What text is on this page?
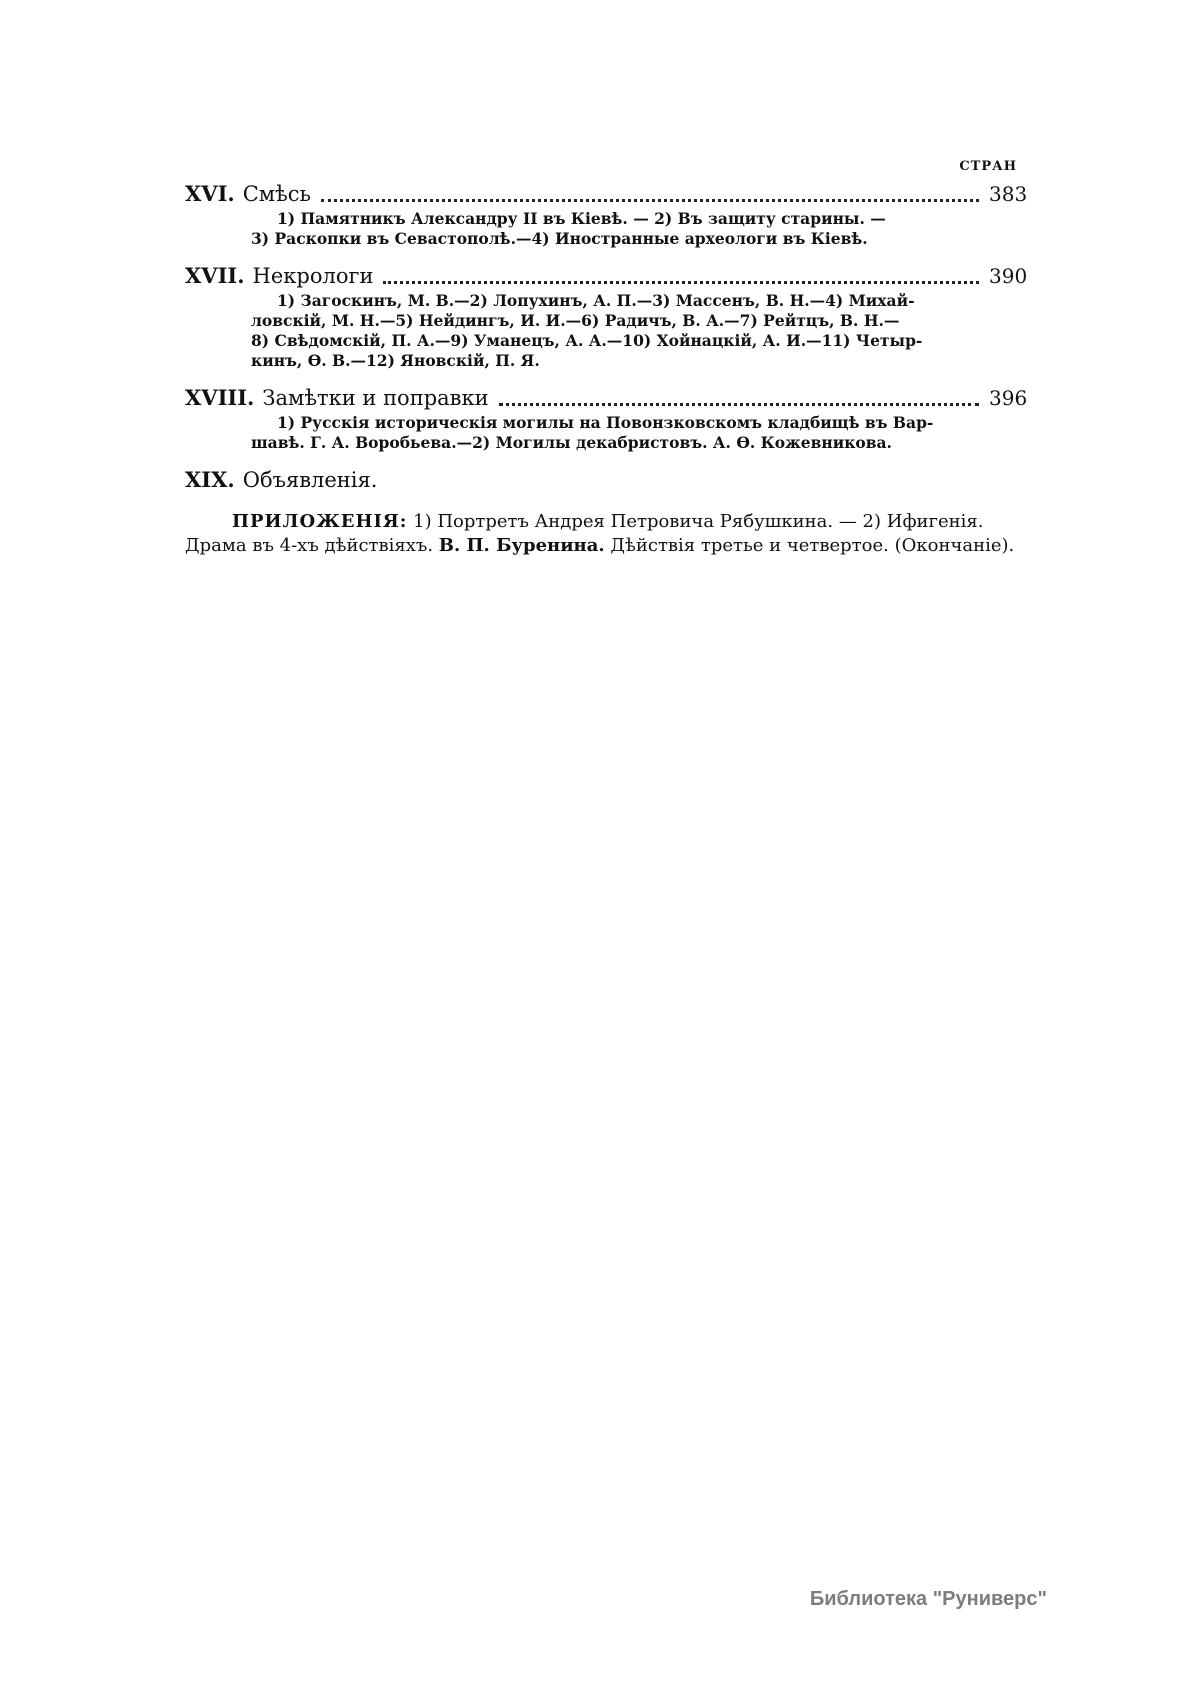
СТРАН
XVI. Смѣсь	383
1) Памятникъ Александру II въ Кіевѣ. — 2) Въ защиту старины. —
3) Раскопки въ Севастополѣ.—4) Иностранные археологи въ Кіевѣ.
XVII. Некрологи	390
1) Загоскинъ, М. В.—2) Лопухинъ, А. П.—3) Массенъ, В. Н.—4) Михай-
ловскій, М. Н.—5) Нейдингъ, И. И.—6) Радичъ, В. А.—7) Рейтцъ, В. Н.—
8) Свѣдомскій, П. А.—9) Уманецъ, А. А.—10) Хойнацкій, А. И.—11) Четыр-
кинъ, Ѳ. В.—12) Яновскій, П. Я.
XVIII. Замѣтки и поправки	396
1) Русскія историческія могилы на Повонзковскомъ кладбищѣ въ Вар-
шавѣ. Г. А. Воробьева.—2) Могилы декабристовъ. А. Ѳ. Кожевникова.
XIX. Объявленія.
ПРИЛОЖЕНІЯ: 1) Портретъ Андрея Петровича Рябушкина. — 2) Ифигенія.
Драма въ 4-хъ дѣйствіяхъ. В. П. Буренина. Дѣйствія третье и четвертое. (Окончаніе).
Библиотека "Руниверс"
